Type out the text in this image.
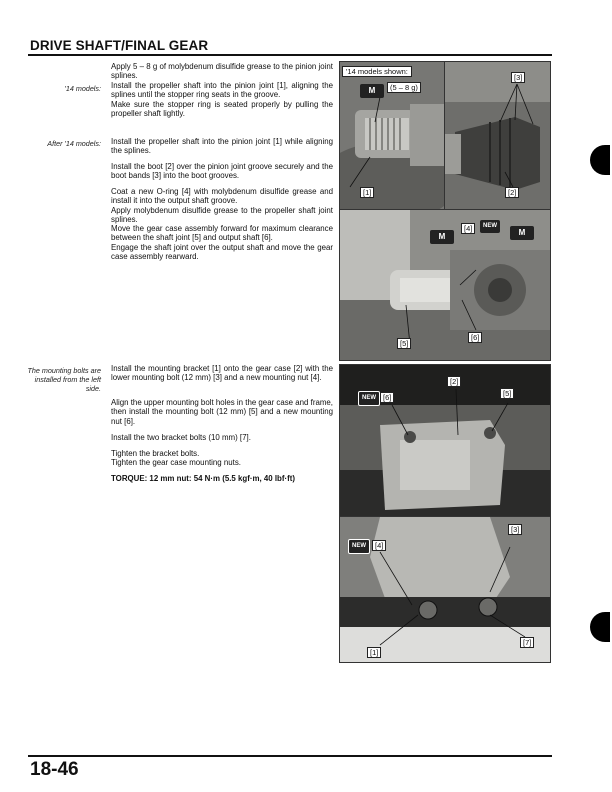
DRIVE SHAFT/FINAL GEAR
'14 models:
After '14 models:
The mounting bolts are installed from the left side.

Apply 5 – 8 g of molybdenum disulfide grease to the pinion joint splines.

Install the propeller shaft into the pinion joint [1], aligning the splines until the stopper ring seats in the groove.

Make sure the stopper ring is seated properly by pulling the propeller shaft lightly.

Install the propeller shaft into the pinion joint [1] while aligning the splines.

Install the boot [2] over the pinion joint groove securely and the boot bands [3] into the boot grooves.

Coat a new O-ring [4] with molybdenum disulfide grease and install it into the output shaft groove.

Apply molybdenum disulfide grease to the propeller shaft joint splines.

Move the gear case assembly forward for maximum clearance between the shaft joint [5] and output shaft [6].

Engage the shaft joint over the output shaft and move the gear case assembly rearward.

Install the mounting bracket [1] onto the gear case [2] with the lower mounting bolt (12 mm) [3] and a new mounting nut [4].

Align the upper mounting bolt holes in the gear case and frame, then install the mounting bolt (12 mm) [5] and a new mounting nut [6].

Install the two bracket bolts (10 mm) [7].

Tighten the bracket bolts.

Tighten the gear case mounting nuts.

TORQUE: 12 mm nut: 54 N·m (5.5 kgf·m, 40 lbf·ft)

'14 models shown:
(5 – 8 g)
M
[1]
[3]
[2]
[4]	NEW
M	M
[5]
[6]
[2]
NEW [6]	[5]
[3]
NEW	[4]
[7]
[1]
18-46
